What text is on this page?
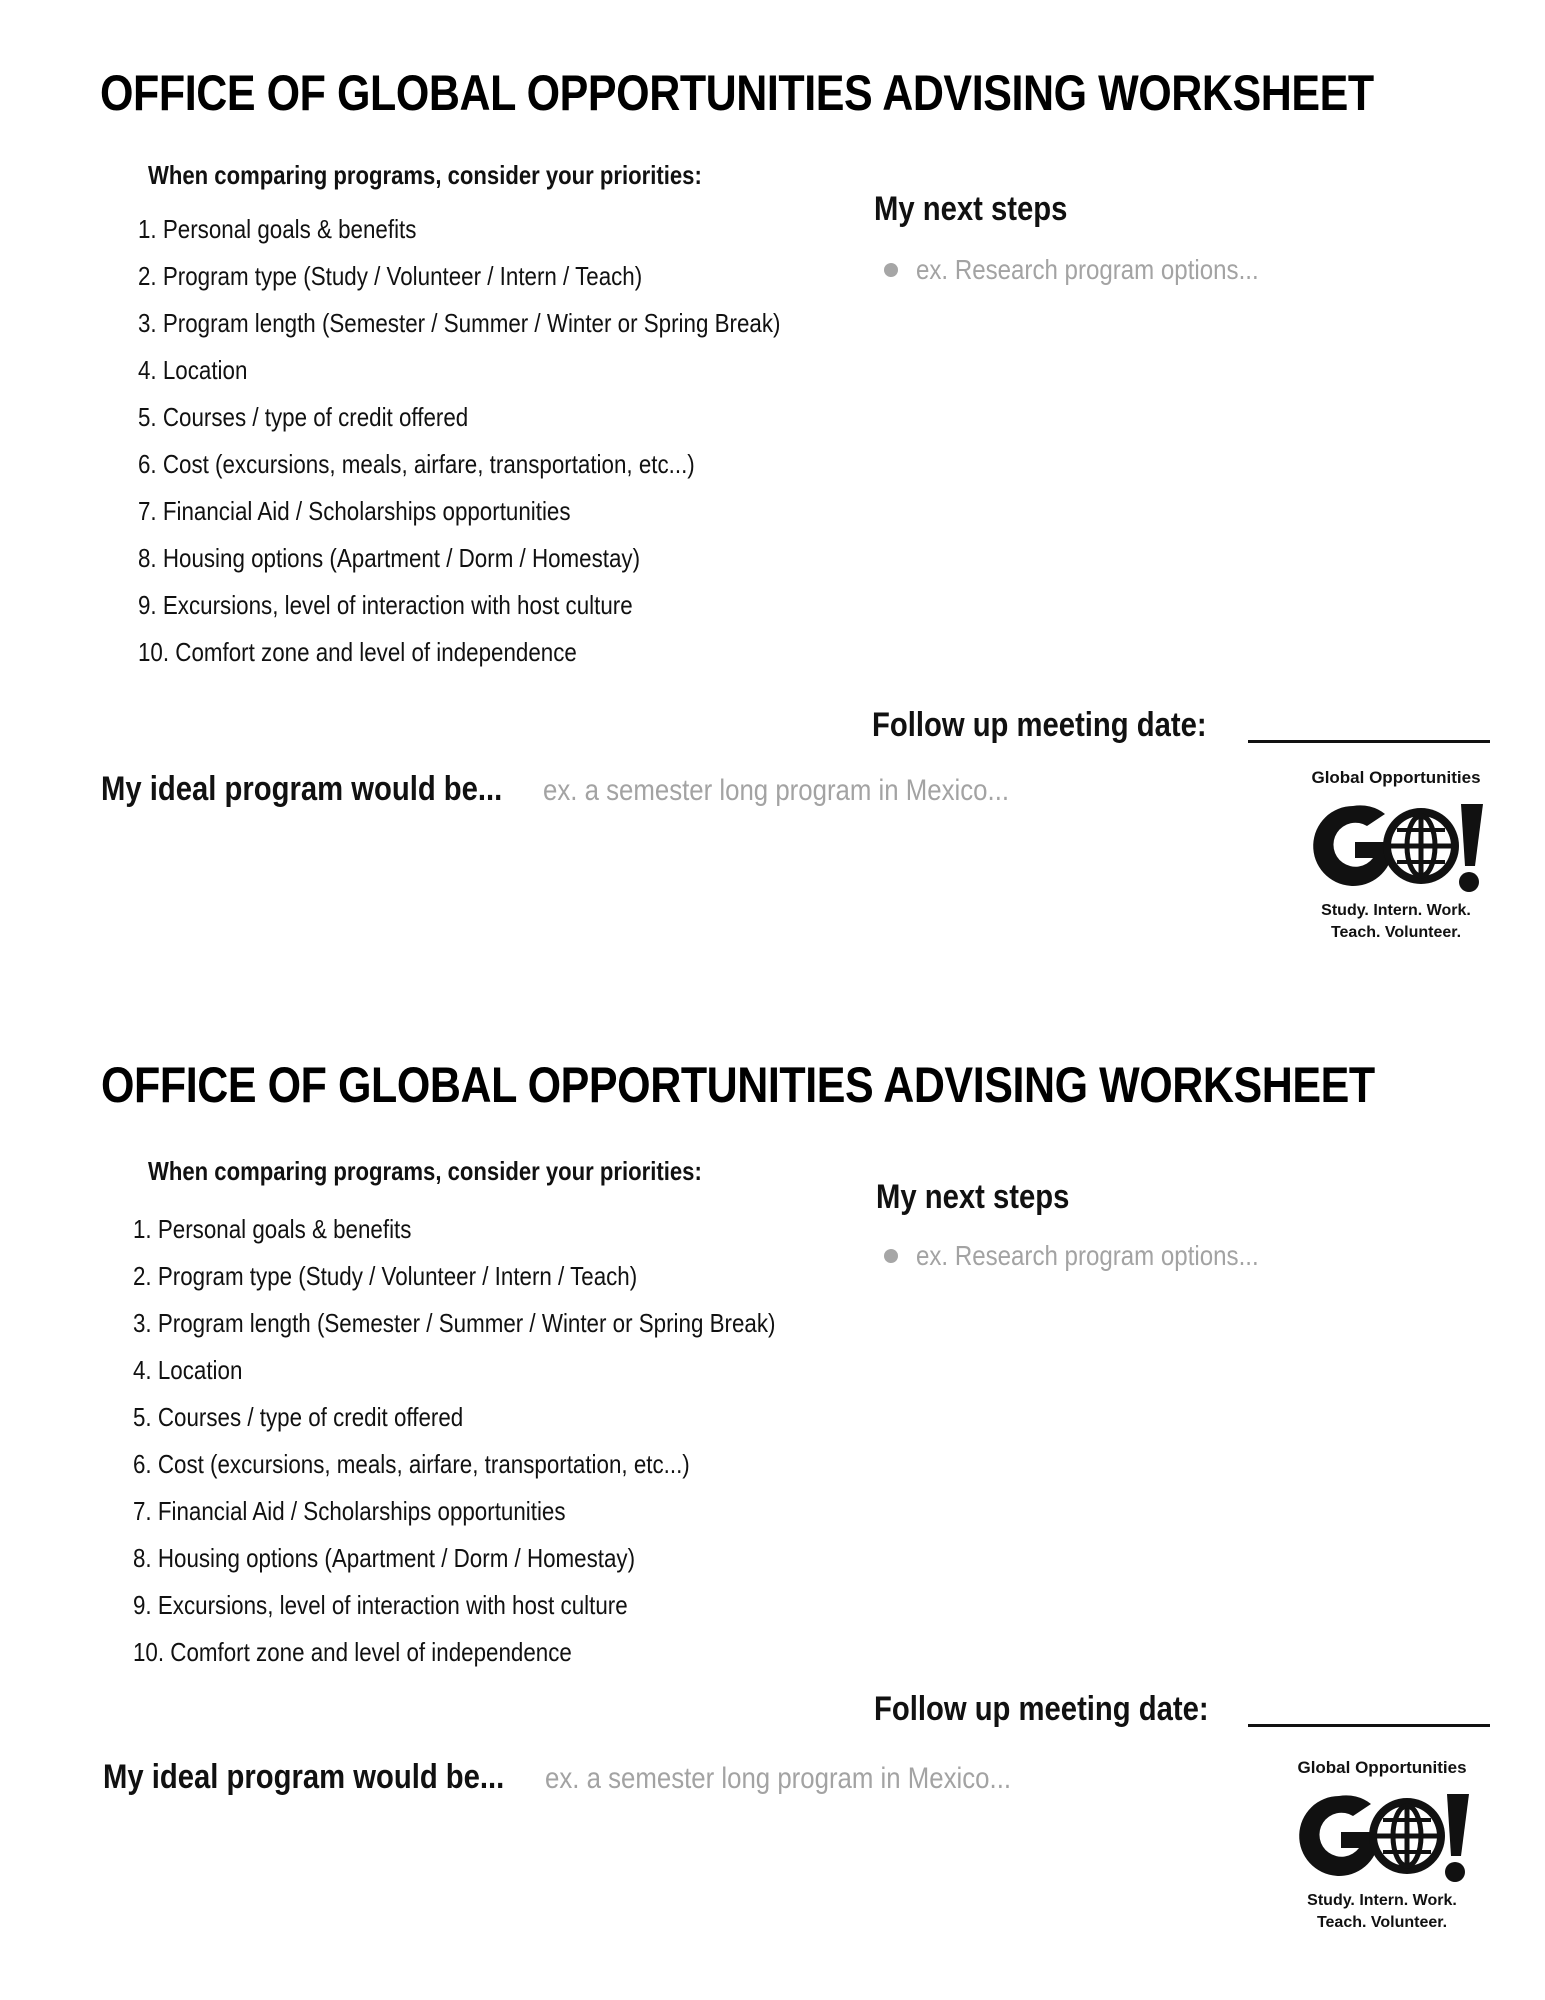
OFFICE OF GLOBAL OPPORTUNITIES ADVISING WORKSHEET
When comparing programs, consider your priorities:
1. Personal goals & benefits
2. Program type (Study / Volunteer / Intern / Teach)
3. Program length (Semester / Summer / Winter or Spring Break)
4. Location
5. Courses / type of credit offered
6. Cost (excursions, meals, airfare, transportation, etc...)
7. Financial Aid / Scholarships opportunities
8. Housing options (Apartment / Dorm / Homestay)
9. Excursions, level of interaction with host culture
10. Comfort zone and level of independence
My next steps
ex. Research program options...
Follow up meeting date:
My ideal program would be... ex. a semester long program in Mexico...	Global Opportunities
Study. Intern. Work.
Teach. Volunteer.
OFFICE OF GLOBAL OPPORTUNITIES ADVISING WORKSHEET
When comparing programs, consider your priorities:
1. Personal goals & benefits
2. Program type (Study / Volunteer / Intern / Teach)
3. Program length (Semester / Summer / Winter or Spring Break)
4. Location
5. Courses / type of credit offered
6. Cost (excursions, meals, airfare, transportation, etc...)
7. Financial Aid / Scholarships opportunities
8. Housing options (Apartment / Dorm / Homestay)
9. Excursions, level of interaction with host culture
10. Comfort zone and level of independence
My next steps
ex. Research program options...
Follow up meeting date:
My ideal program would be... ex. a semester long program in Mexico...	Global Opportunities
Study. Intern. Work.
Teach. Volunteer.
